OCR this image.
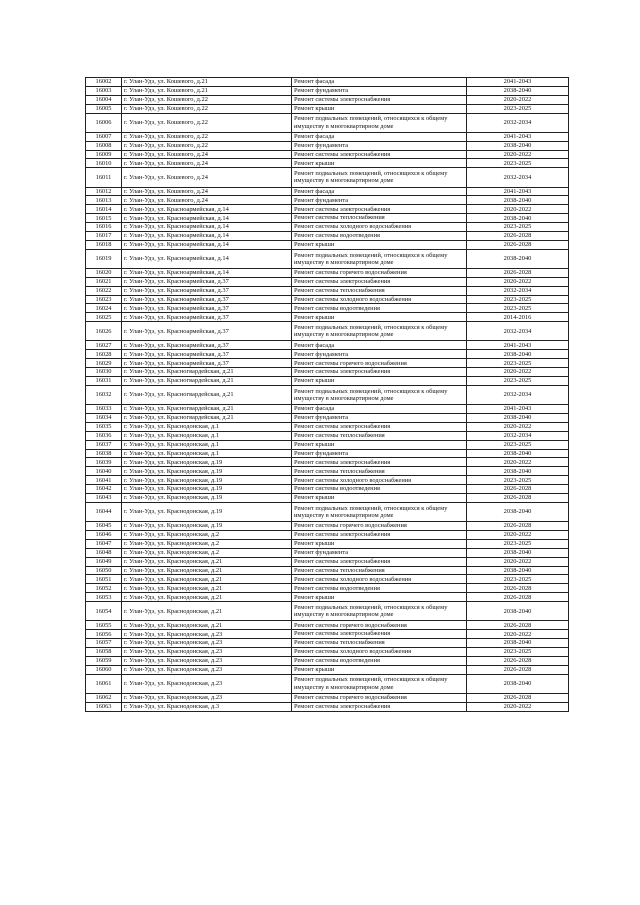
16002	г. Улан-Удэ, ул. Кошевого, д.21	Ремонт фасада	2041-2043
16003	г. Улан-Удэ, ул. Кошевого, д.21	Ремонт фундамента	2038-2040
16004	г. Улан-Удэ, ул. Кошевого, д.22	Ремонт системы электроснабжения	2020-2022
16005	г. Улан-Удэ, ул. Кошевого, д.22	Ремонт крыши	2023-2025
16006	г. Улан-Удэ, ул. Кошевого, д.22	Ремонт подвальных помещений, относящихся к общему имуществу в многоквартирном доме	2032-2034
16007	г. Улан-Удэ, ул. Кошевого, д.22	Ремонт фасада	2041-2043
16008	г. Улан-Удэ, ул. Кошевого, д.22	Ремонт фундамента	2038-2040
16009	г. Улан-Удэ, ул. Кошевого, д.24	Ремонт системы электроснабжения	2020-2022
16010	г. Улан-Удэ, ул. Кошевого, д.24	Ремонт крыши	2023-2025
16011	г. Улан-Удэ, ул. Кошевого, д.24	Ремонт подвальных помещений, относящихся к общему имуществу в многоквартирном доме	2032-2034
16012	г. Улан-Удэ, ул. Кошевого, д.24	Ремонт фасада	2041-2043
16013	г. Улан-Удэ, ул. Кошевого, д.24	Ремонт фундамента	2038-2040
16014	г. Улан-Удэ, ул. Красноармейская, д.14	Ремонт системы электроснабжения	2020-2022
16015	г. Улан-Удэ, ул. Красноармейская, д.14	Ремонт системы теплоснабжения	2038-2040
16016	г. Улан-Удэ, ул. Красноармейская, д.14	Ремонт системы холодного водоснабжения	2023-2025
16017	г. Улан-Удэ, ул. Красноармейская, д.14	Ремонт системы водоотведения	2026-2028
16018	г. Улан-Удэ, ул. Красноармейская, д.14	Ремонт крыши	2026-2028
16019	г. Улан-Удэ, ул. Красноармейская, д.14	Ремонт подвальных помещений, относящихся к общему имуществу в многоквартирном доме	2038-2040
16020	г. Улан-Удэ, ул. Красноармейская, д.14	Ремонт системы горячего водоснабжения	2026-2028
16021	г. Улан-Удэ, ул. Красноармейская, д.37	Ремонт системы электроснабжения	2020-2022
16022	г. Улан-Удэ, ул. Красноармейская, д.37	Ремонт системы теплоснабжения	2032-2034
16023	г. Улан-Удэ, ул. Красноармейская, д.37	Ремонт системы холодного водоснабжения	2023-2025
16024	г. Улан-Удэ, ул. Красноармейская, д.37	Ремонт системы водоотведения	2023-2025
16025	г. Улан-Удэ, ул. Красноармейская, д.37	Ремонт крыши	2014-2016
16026	г. Улан-Удэ, ул. Красноармейская, д.37	Ремонт подвальных помещений, относящихся к общему имуществу в многоквартирном доме	2032-2034
16027	г. Улан-Удэ, ул. Красноармейская, д.37	Ремонт фасада	2041-2043
16028	г. Улан-Удэ, ул. Красноармейская, д.37	Ремонт фундамента	2038-2040
16029	г. Улан-Удэ, ул. Красноармейская, д.37	Ремонт системы горячего водоснабжения	2023-2025
16030	г. Улан-Удэ, ул. Красногвардейская, д.21	Ремонт системы электроснабжения	2020-2022
16031	г. Улан-Удэ, ул. Красногвардейская, д.21	Ремонт крыши	2023-2025
16032	г. Улан-Удэ, ул. Красногвардейская, д.21	Ремонт подвальных помещений, относящихся к общему имуществу в многоквартирном доме	2032-2034
16033	г. Улан-Удэ, ул. Красногвардейская, д.21	Ремонт фасада	2041-2043
16034	г. Улан-Удэ, ул. Красногвардейская, д.21	Ремонт фундамента	2038-2040
16035	г. Улан-Удэ, ул. Краснодонская, д.1	Ремонт системы электроснабжения	2020-2022
16036	г. Улан-Удэ, ул. Краснодонская, д.1	Ремонт системы теплоснабжения	2032-2034
16037	г. Улан-Удэ, ул. Краснодонская, д.1	Ремонт крыши	2023-2025
16038	г. Улан-Удэ, ул. Краснодонская, д.1	Ремонт фундамента	2038-2040
16039	г. Улан-Удэ, ул. Краснодонская, д.19	Ремонт системы электроснабжения	2020-2022
16040	г. Улан-Удэ, ул. Краснодонская, д.19	Ремонт системы теплоснабжения	2038-2040
16041	г. Улан-Удэ, ул. Краснодонская, д.19	Ремонт системы холодного водоснабжения	2023-2025
16042	г. Улан-Удэ, ул. Краснодонская, д.19	Ремонт системы водоотведения	2026-2028
16043	г. Улан-Удэ, ул. Краснодонская, д.19	Ремонт крыши	2026-2028
16044	г. Улан-Удэ, ул. Краснодонская, д.19	Ремонт подвальных помещений, относящихся к общему имуществу в многоквартирном доме	2038-2040
16045	г. Улан-Удэ, ул. Краснодонская, д.19	Ремонт системы горячего водоснабжения	2026-2028
16046	г. Улан-Удэ, ул. Краснодонская, д.2	Ремонт системы электроснабжения	2020-2022
16047	г. Улан-Удэ, ул. Краснодонская, д.2	Ремонт крыши	2023-2025
16048	г. Улан-Удэ, ул. Краснодонская, д.2	Ремонт фундамента	2038-2040
16049	г. Улан-Удэ, ул. Краснодонская, д.21	Ремонт системы электроснабжения	2020-2022
16050	г. Улан-Удэ, ул. Краснодонская, д.21	Ремонт системы теплоснабжения	2038-2040
16051	г. Улан-Удэ, ул. Краснодонская, д.21	Ремонт системы холодного водоснабжения	2023-2025
16052	г. Улан-Удэ, ул. Краснодонская, д.21	Ремонт системы водоотведения	2026-2028
16053	г. Улан-Удэ, ул. Краснодонская, д.21	Ремонт крыши	2026-2028
16054	г. Улан-Удэ, ул. Краснодонская, д.21	Ремонт подвальных помещений, относящихся к общему имуществу в многоквартирном доме	2038-2040
16055	г. Улан-Удэ, ул. Краснодонская, д.21	Ремонт системы горячего водоснабжения	2026-2028
16056	г. Улан-Удэ, ул. Краснодонская, д.23	Ремонт системы электроснабжения	2020-2022
16057	г. Улан-Удэ, ул. Краснодонская, д.23	Ремонт системы теплоснабжения	2038-2040
16058	г. Улан-Удэ, ул. Краснодонская, д.23	Ремонт системы холодного водоснабжения	2023-2025
16059	г. Улан-Удэ, ул. Краснодонская, д.23	Ремонт системы водоотведения	2026-2028
16060	г. Улан-Удэ, ул. Краснодонская, д.23	Ремонт крыши	2026-2028
16061	г. Улан-Удэ, ул. Краснодонская, д.23	Ремонт подвальных помещений, относящихся к общему имуществу в многоквартирном доме	2038-2040
16062	г. Улан-Удэ, ул. Краснодонская, д.23	Ремонт системы горячего водоснабжения	2026-2028
16063	г. Улан-Удэ, ул. Краснодонская, д.3	Ремонт системы электроснабжения	2020-2022
